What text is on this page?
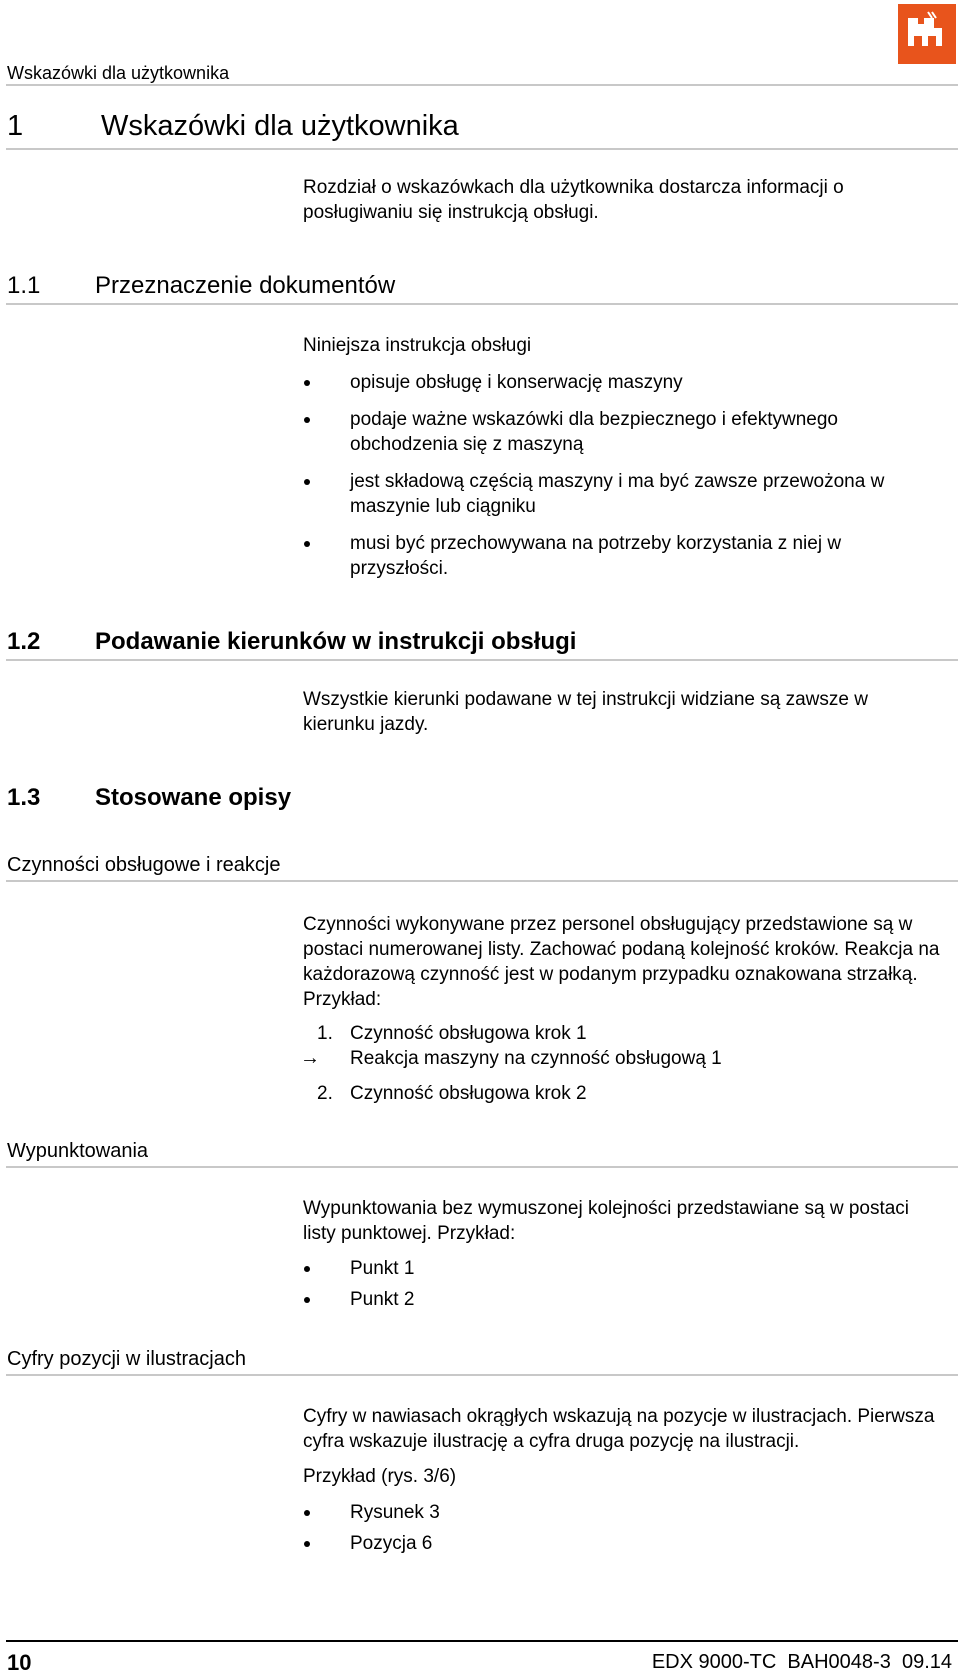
Wskazówki dla użytkownika
1	Wskazówki dla użytkownika

Rozdział o wskazówkach dla użytkownika dostarcza informacji o posługiwaniu się instrukcją obsługi.

1.1 Przeznaczenie dokumentów

Niniejsza instrukcja obsługi

opisuje obsługę i konserwację maszyny
podaje ważne wskazówki dla bezpiecznego i efektywnego obchodzenia się z maszyną
jest składową częścią maszyny i ma być zawsze przewożona w maszynie lub ciągniku
musi być przechowywana na potrzeby korzystania z niej w przyszłości.
1.2 Podawanie kierunków w instrukcji obsługi

Wszystkie kierunki podawane w tej instrukcji widziane są zawsze w kierunku jazdy.

1.3 Stosowane opisy
Czynności obsługowe i reakcje

Czynności wykonywane przez personel obsługujący przedstawione są w postaci numerowanej listy. Zachować podaną kolejność kroków. Reakcja na każdorazową czynność jest w podanym przypadku oznakowana strzałką. Przykład:

1. Czynność obsługowa krok 1
→ Reakcja maszyny na czynność obsługową 1
2. Czynność obsługowa krok 2
Wypunktowania

Wypunktowania bez wymuszonej kolejności przedstawiane są w postaci listy punktowej. Przykład:

Punkt 1
Punkt 2
Cyfry pozycji w ilustracjach

Cyfry w nawiasach okrągłych wskazują na pozycje w ilustracjach. Pierwsza cyfra wskazuje ilustrację a cyfra druga pozycję na ilustracji.

Przykład (rys. 3/6)

Rysunek 3
Pozycja 6
10	EDX 9000-TC  BAH0048-3  09.14
